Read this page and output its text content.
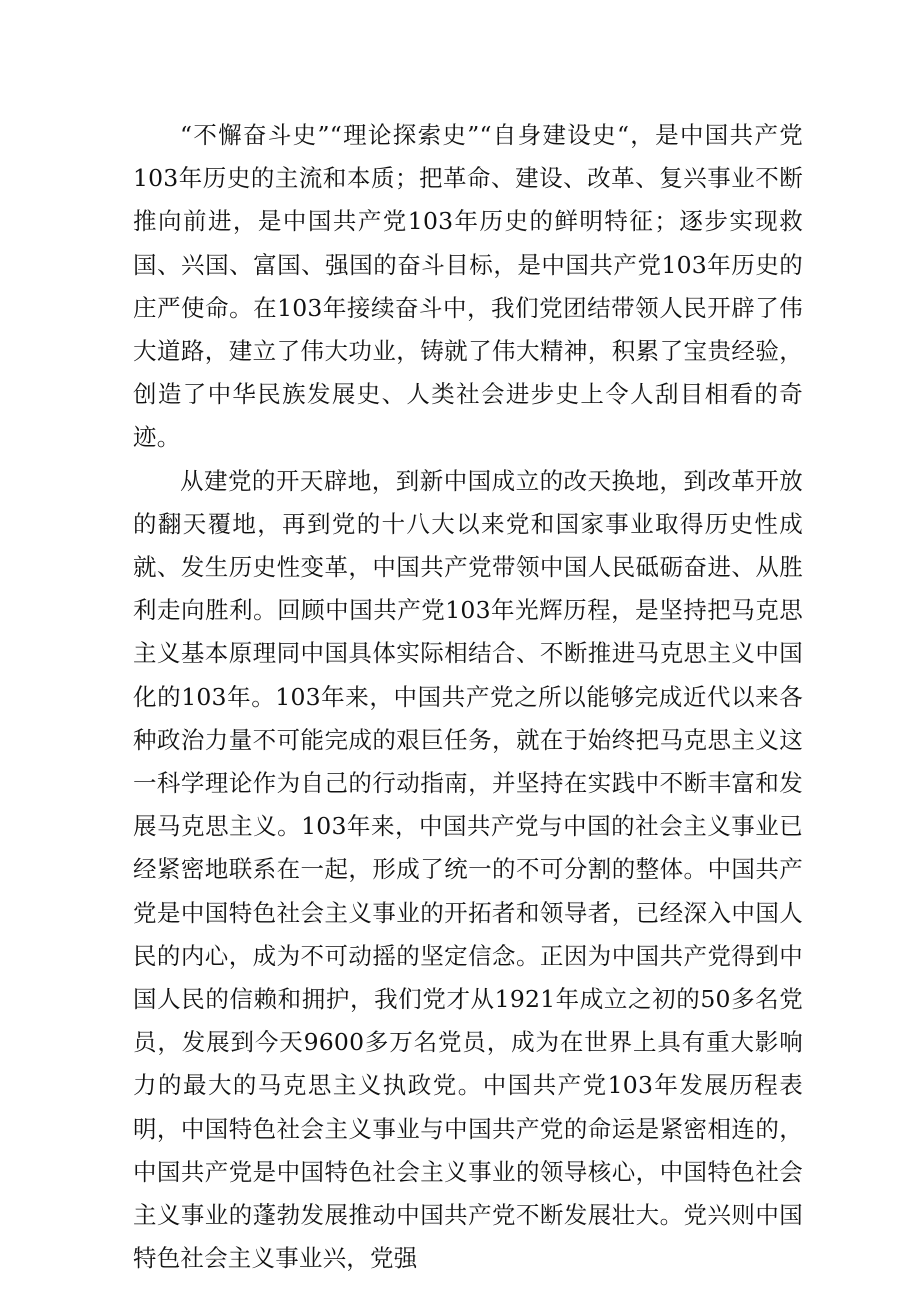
“不懈奋斗史”“理论探索史”“自身建设史“，是中国共产党103年历史的主流和本质；把革命、建设、改革、复兴事业不断推向前进，是中国共产党103年历史的鲜明特征；逐步实现救国、兴国、富国、强国的奋斗目标，是中国共产党103年历史的庄严使命。在103年接续奋斗中，我们党团结带领人民开辟了伟大道路，建立了伟大功业，铸就了伟大精神，积累了宝贵经验，创造了中华民族发展史、人类社会进步史上令人刮目相看的奇迹。

从建党的开天辟地，到新中国成立的改天换地，到改革开放的翻天覆地，再到党的十八大以来党和国家事业取得历史性成就、发生历史性变革，中国共产党带领中国人民砥砺奋进、从胜利走向胜利。回顾中国共产党103年光辉历程，是坚持把马克思主义基本原理同中国具体实际相结合、不断推进马克思主义中国化的103年。103年来，中国共产党之所以能够完成近代以来各种政治力量不可能完成的艰巨任务，就在于始终把马克思主义这一科学理论作为自己的行动指南，并坚持在实践中不断丰富和发展马克思主义。103年来，中国共产党与中国的社会主义事业已经紧密地联系在一起，形成了统一的不可分割的整体。中国共产党是中国特色社会主义事业的开拓者和领导者，已经深入中国人民的内心，成为不可动摇的坚定信念。正因为中国共产党得到中国人民的信赖和拥护，我们党才从1921年成立之初的50多名党员，发展到今天9600多万名党员，成为在世界上具有重大影响力的最大的马克思主义执政党。中国共产党103年发展历程表明，中国特色社会主义事业与中国共产党的命运是紧密相连的，中国共产党是中国特色社会主义事业的领导核心，中国特色社会主义事业的蓬勃发展推动中国共产党不断发展壮大。党兴则中国特色社会主义事业兴，党强
